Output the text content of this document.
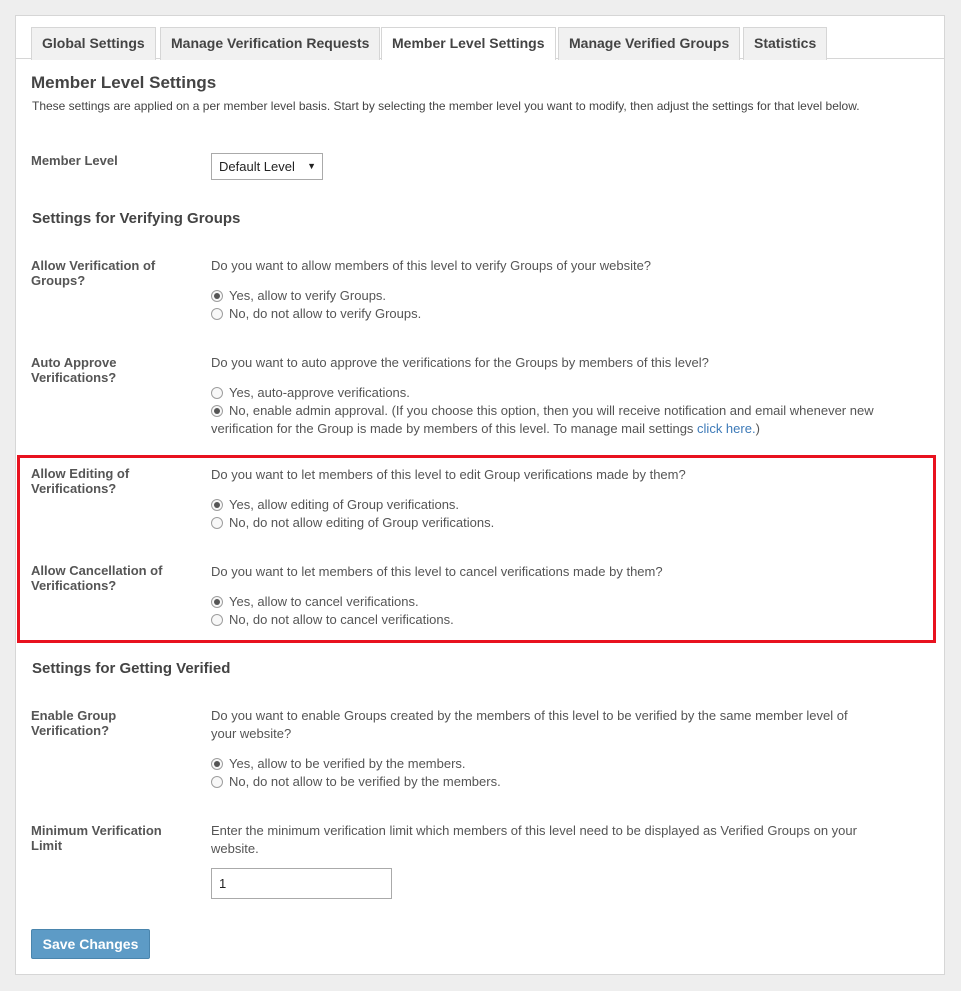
Global Settings	Manage Verification Requests	Member Level Settings	Manage Verified Groups	Statistics
Member Level Settings
These settings are applied on a per member level basis. Start by selecting the member level you want to modify, then adjust the settings for that level below.
Member Level	Default Level ▼
Settings for Verifying Groups
Allow Verification of Groups?
Do you want to allow members of this level to verify Groups of your website?
Yes, allow to verify Groups.
No, do not allow to verify Groups.
Auto Approve Verifications?
Do you want to auto approve the verifications for the Groups by members of this level?
Yes, auto-approve verifications.
No, enable admin approval. (If you choose this option, then you will receive notification and email whenever new verification for the Group is made by members of this level. To manage mail settings click here.)
Allow Editing of Verifications?
Do you want to let members of this level to edit Group verifications made by them?
Yes, allow editing of Group verifications.
No, do not allow editing of Group verifications.
Allow Cancellation of Verifications?
Do you want to let members of this level to cancel verifications made by them?
Yes, allow to cancel verifications.
No, do not allow to cancel verifications.
Settings for Getting Verified
Enable Group Verification?
Do you want to enable Groups created by the members of this level to be verified by the same member level of your website?
Yes, allow to be verified by the members.
No, do not allow to be verified by the members.
Minimum Verification Limit
Enter the minimum verification limit which members of this level need to be displayed as Verified Groups on your website.
1
Save Changes
